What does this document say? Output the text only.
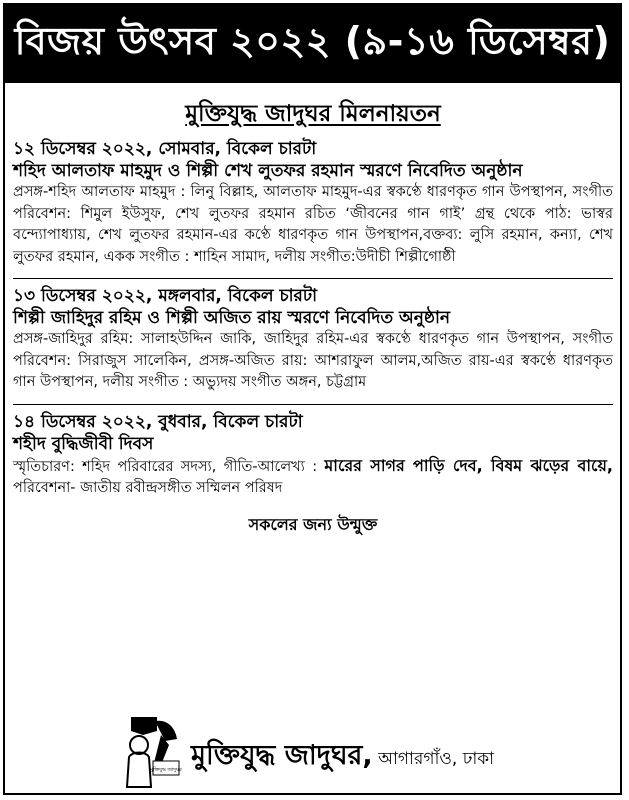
বিজয় উৎসব ২০২২ (৯-১৬ ডিসেম্বর)
মুক্তিযুদ্ধ জাদুঘর মিলনায়তন
১২ ডিসেম্বর ২০২২, সোমবার, বিকেল চারটা
শহিদ আলতাফ মাহমুদ ও শিল্পী শেখ লুতফর রহমান স্মরণে নিবেদিত অনুষ্ঠান
প্রসঙ্গ-শহিদ আলতাফ মাহমুদ : লিনু বিল্লাহ, আলতাফ মাহমুদ-এর স্বকণ্ঠে ধারণকৃত গান উপস্থাপন, সংগীত পরিবেশন: শিমুল ইউসুফ, শেখ লুতফর রহমান রচিত ‘জীবনের গান গাই’ গ্রন্থ থেকে পাঠ: ভাস্বর বন্দ্যোপাধ্যায়, শেখ লুতফর রহমান-এর কণ্ঠে ধারণকৃত গান উপস্থাপন,বক্তব্য: লুসি রহমান, কন্যা, শেখ লুতফর রহমান, একক সংগীত : শাহিন সামাদ, দলীয় সংগীত:উদীচী শিল্পীগোষ্ঠী
১৩ ডিসেম্বর ২০২২, মঙ্গলবার, বিকেল চারটা
শিল্পী জাহিদুর রহিম ও শিল্পী অজিত রায় স্মরণে নিবেদিত অনুষ্ঠান
প্রসঙ্গ-জাহিদুর রহিম: সালাহউদ্দিন জাকি, জাহিদুর রহিম-এর স্বকণ্ঠে ধারণকৃত গান উপস্থাপন, সংগীত পরিবেশন: সিরাজুস সালেকিন, প্রসঙ্গ-অজিত রায়: আশরাফুল আলম,অজিত রায়-এর স্বকণ্ঠে ধারণকৃত গান উপস্থাপন, দলীয় সংগীত : অভ্যুদয় সংগীত অঙ্গন, চট্টগ্রাম
১৪ ডিসেম্বর ২০২২, বুধবার, বিকেল চারটা
শহীদ বুদ্ধিজীবী দিবস
স্মৃতিচারণ: শহিদ পরিবারের সদস্য, গীতি-আলেখ্য : মারের সাগর পাড়ি দেব, বিষম ঝড়ের বায়ে, পরিবেশনা- জাতীয় রবীন্দ্রসঙ্গীত সম্মিলন পরিষদ
সকলের জন্য উন্মুক্ত
মুক্তিযুদ্ধ জাদুঘর মুক্তিযুদ্ধ জাদুঘর, আগারগাঁও, ঢাকা
